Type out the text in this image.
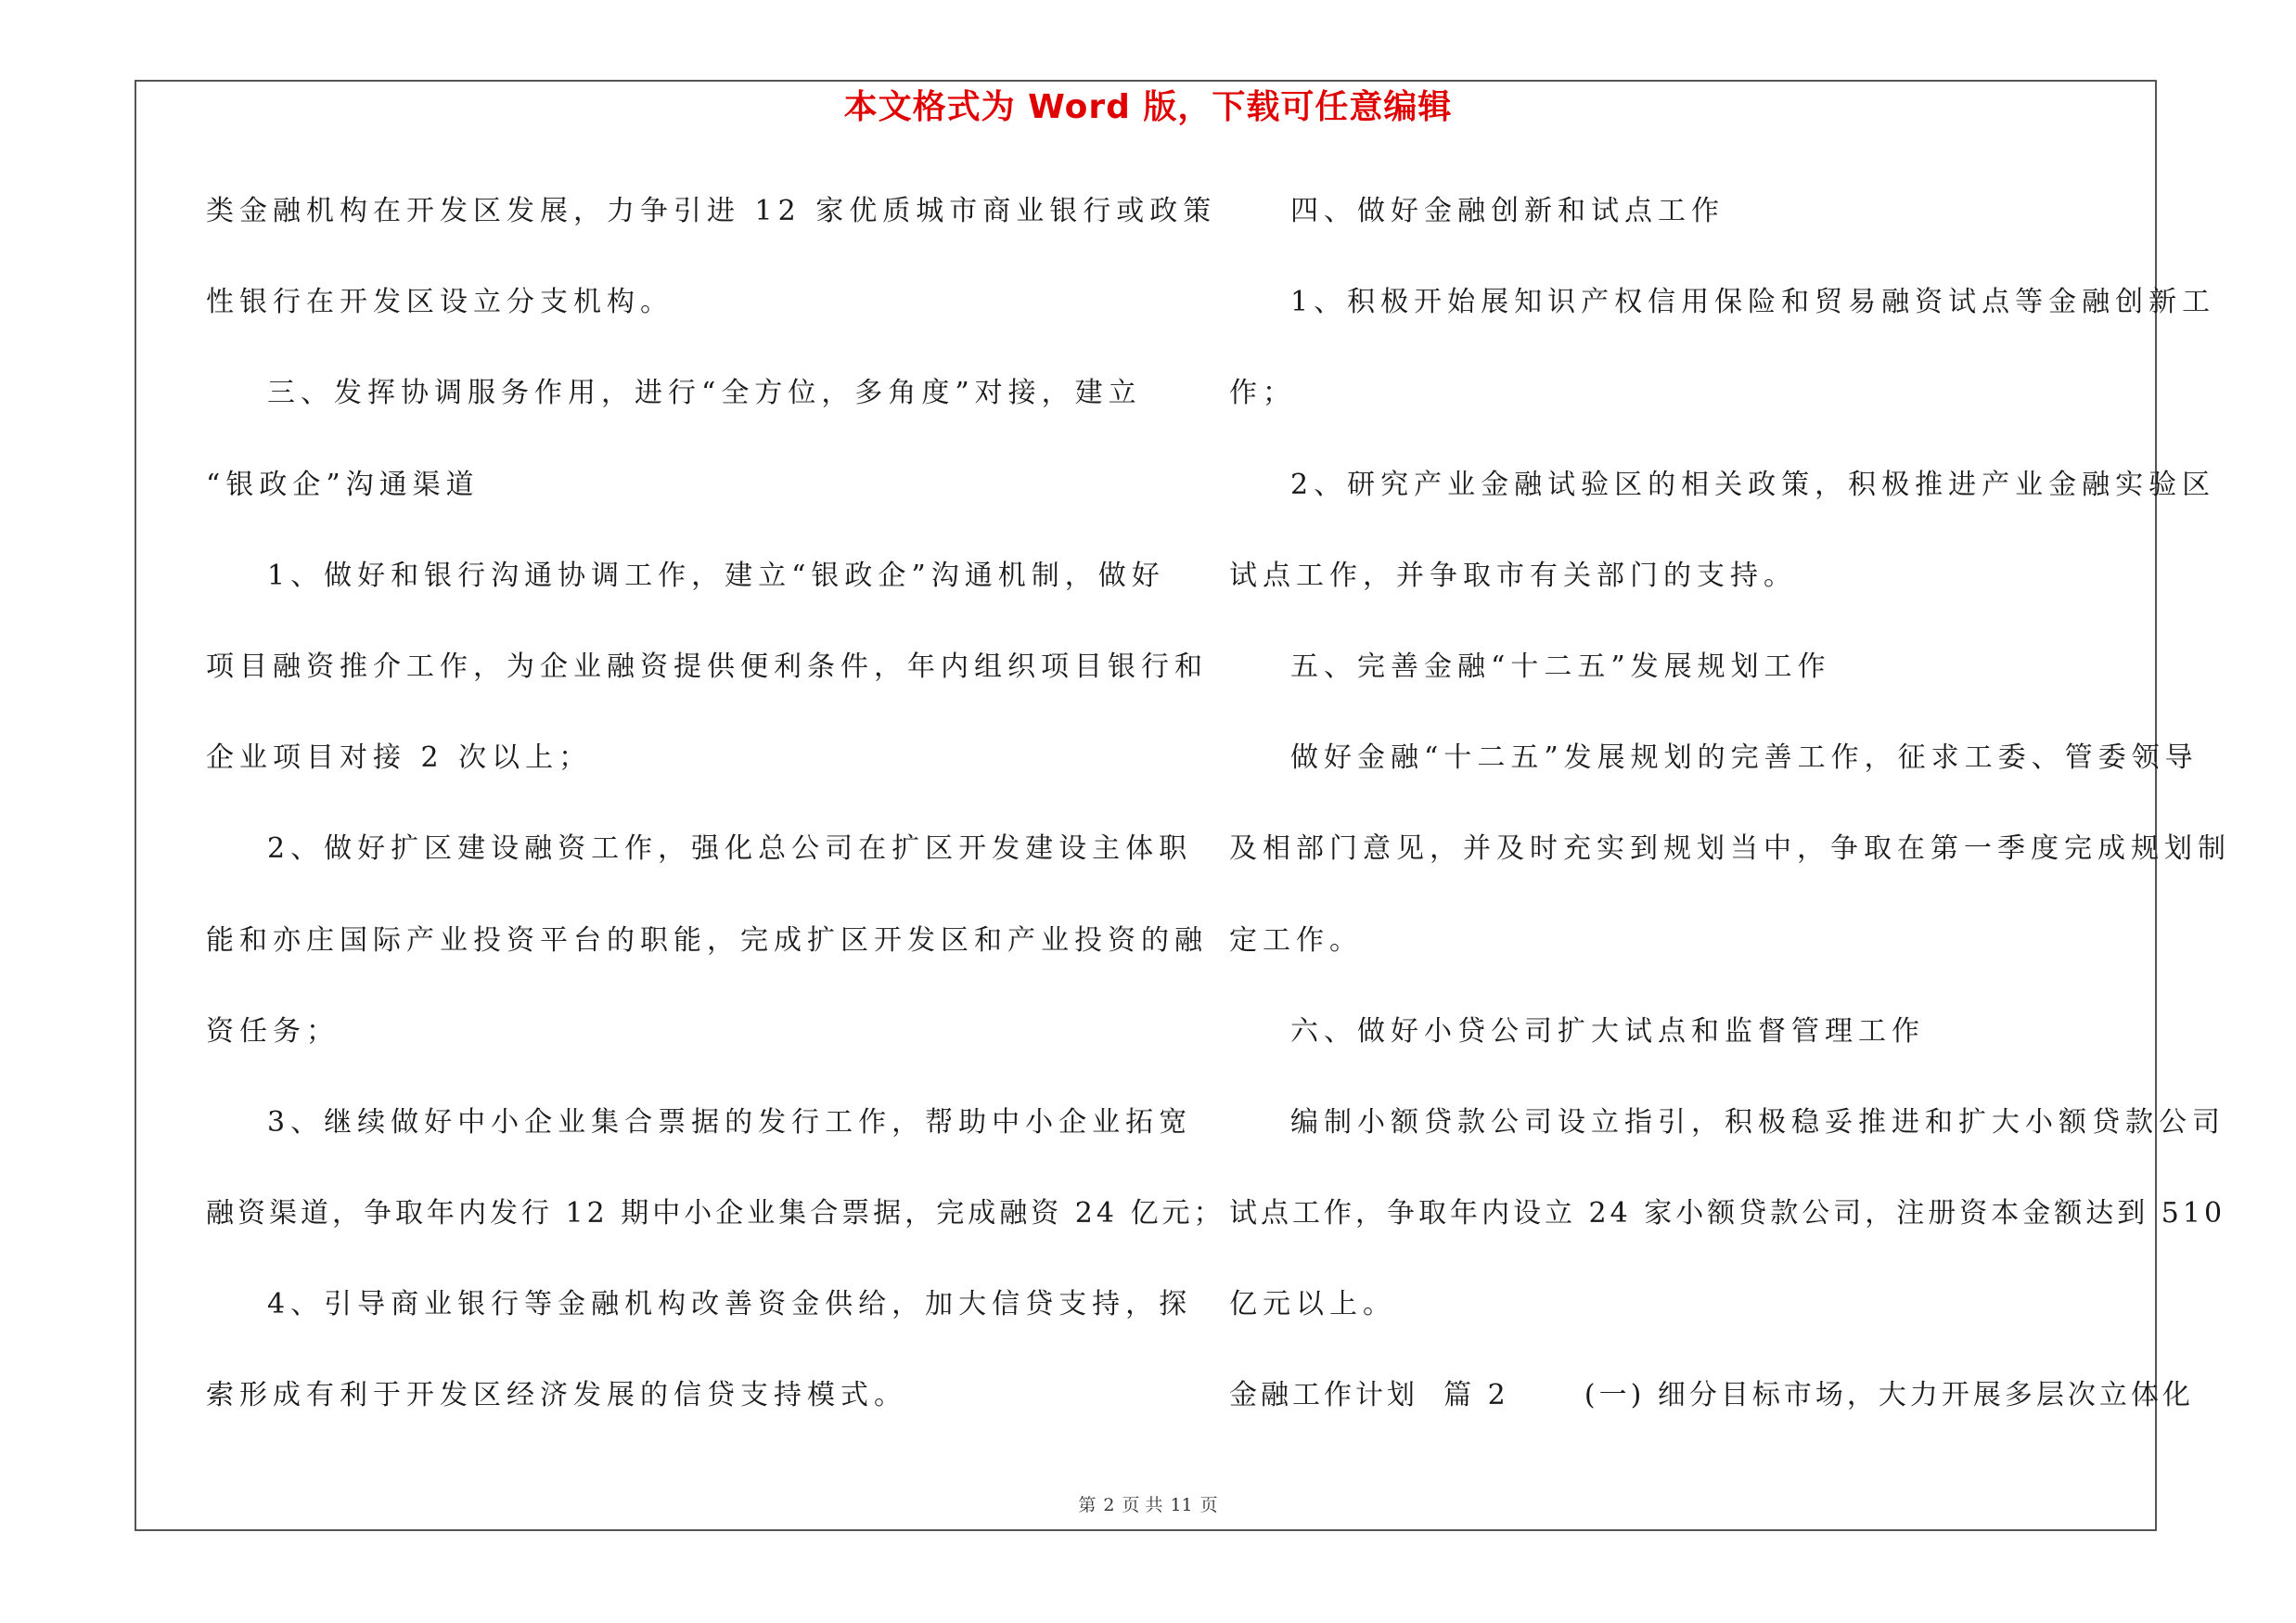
本文格式为 Word 版，下载可任意编辑
类金融机构在开发区发展，力争引进 12 家优质城市商业银行或政策
性银行在开发区设立分支机构。
三、发挥协调服务作用，进行“全方位，多角度”对接，建立
“银政企”沟通渠道
1、做好和银行沟通协调工作，建立“银政企”沟通机制，做好
项目融资推介工作，为企业融资提供便利条件，年内组织项目银行和
企业项目对接 2 次以上；
2、做好扩区建设融资工作，强化总公司在扩区开发建设主体职
能和亦庄国际产业投资平台的职能，完成扩区开发区和产业投资的融
资任务；
3、继续做好中小企业集合票据的发行工作，帮助中小企业拓宽
融资渠道，争取年内发行 12 期中小企业集合票据，完成融资 24 亿元；
4、引导商业银行等金融机构改善资金供给，加大信贷支持，探
索形成有利于开发区经济发展的信贷支持模式。
四、做好金融创新和试点工作
1、积极开始展知识产权信用保险和贸易融资试点等金融创新工
作；
2、研究产业金融试验区的相关政策，积极推进产业金融实验区
试点工作，并争取市有关部门的支持。
五、完善金融“十二五”发展规划工作
做好金融“十二五”发展规划的完善工作，征求工委、管委领导
及相部门意见，并及时充实到规划当中，争取在第一季度完成规划制
定工作。
六、做好小贷公司扩大试点和监督管理工作
编制小额贷款公司设立指引，积极稳妥推进和扩大小额贷款公司
试点工作，争取年内设立 24 家小额贷款公司，注册资本金额达到 510
亿元以上。
金融工作计划  篇 2      (一) 细分目标市场，大力开展多层次立体化
第 2 页 共 11 页
